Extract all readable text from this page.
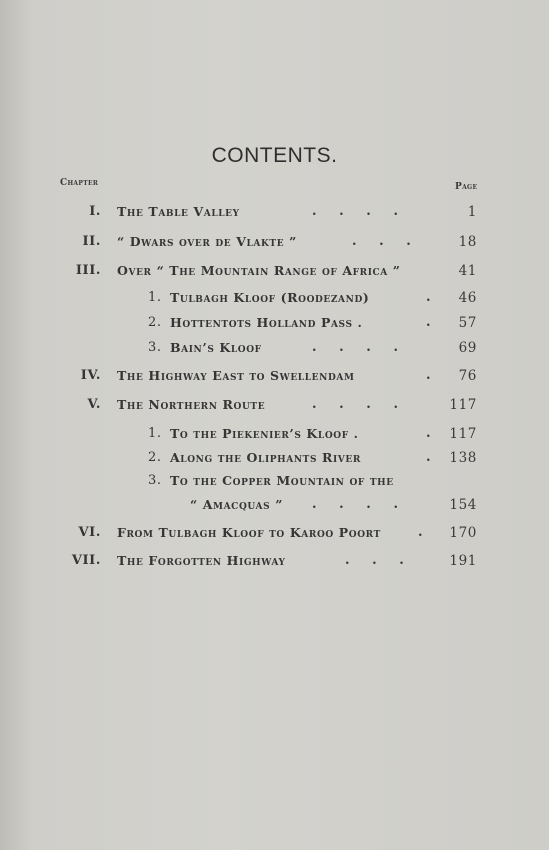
CONTENTS.
Chapter	Page
I. The Table Valley	.     .     .     .	1
II. “ Dwars over de Vlakte ”	.     .     .	18
III. Over “ The Mountain Range of Africa ”	41
1. Tulbagh Kloof (Roodezand)	. 46
2. Hottentots Holland Pass .	. 57
3. Bain’s Kloof	.     .     .     .	69
IV. The Highway East to Swellendam	. 76
V. The Northern Route	.     .     .     .	117
1. To the Piekenier’s Kloof .	. 117
2. Along the Oliphants River	. 138
3. To the Copper Mountain of the
“ Amacquas ” .     .     .     .	154
VI. From Tulbagh Kloof to Karoo Poort	. 170
VII. The Forgotten Highway	.     .     .	191
